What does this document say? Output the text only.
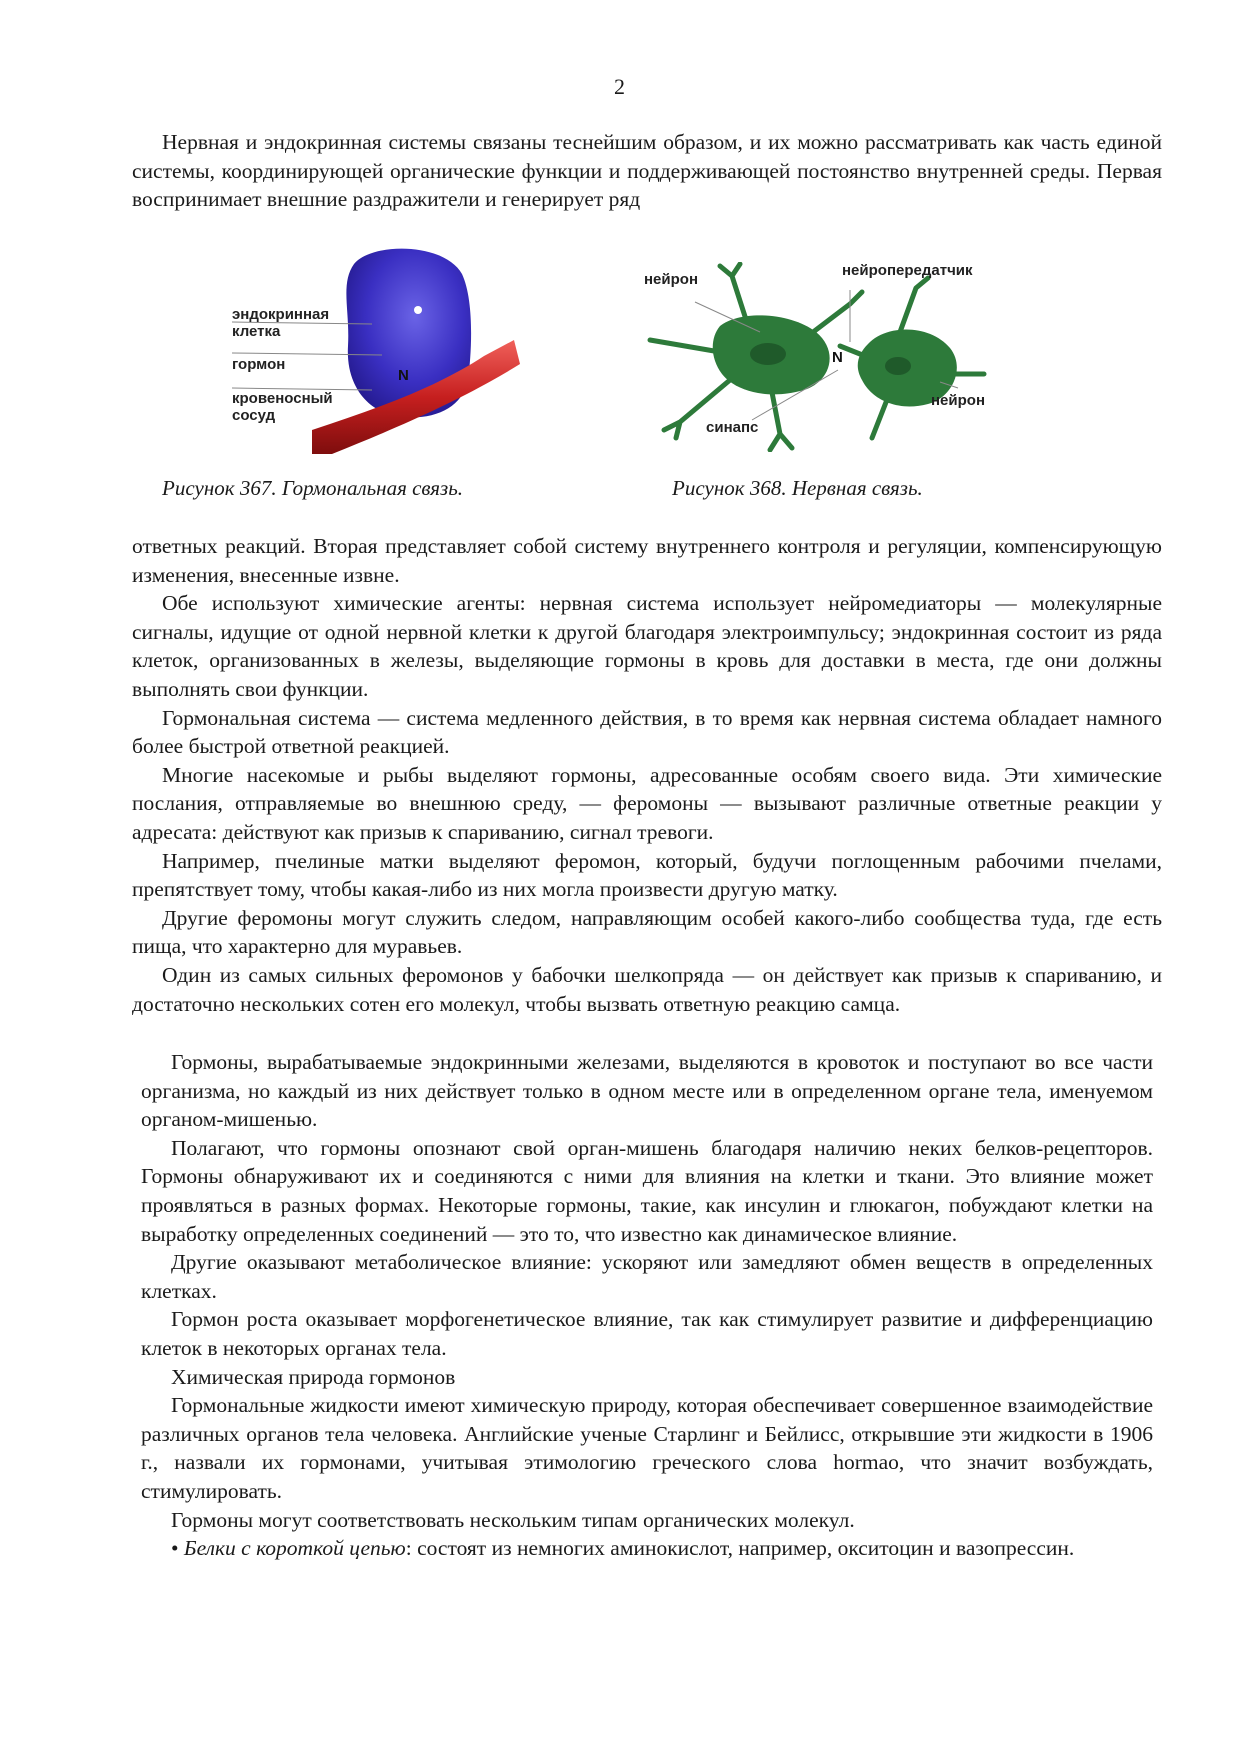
2

Нервная и эндокринная системы связаны теснейшим образом, и их можно рассматривать как часть единой системы, координирующей органические функции и поддерживающей постоянство внутренней среды. Первая воспринимает внешние раздражители и генерирует ряд

эндокринная
клетка
гормон
кровеносный
сосуд
N
нейрон
нейропередатчик
синапс
нейрон
N
Рисунок 367. Гормональная связь.	Рисунок 368. Нервная связь.

ответных реакций. Вторая представляет собой систему внутреннего контроля и регуляции, компенсирующую изменения, внесенные извне.

Обе используют химические агенты: нервная система использует нейромедиаторы — молекулярные сигналы, идущие от одной нервной клетки к другой благодаря электроимпульсу; эндокринная состоит из ряда клеток, организованных в железы, выделяющие гормоны в кровь для доставки в места, где они должны выполнять свои функции.

Гормональная система — система медленного действия, в то время как нервная система обладает намного более быстрой ответной реакцией.

Многие насекомые и рыбы выделяют гормоны, адресованные особям своего вида. Эти химические послания, отправляемые во внешнюю среду, — феромоны — вызывают различные ответные реакции у адресата: действуют как призыв к спариванию, сигнал тревоги.

Например, пчелиные матки выделяют феромон, который, будучи поглощенным рабочими пчелами, препятствует тому, чтобы какая-либо из них могла произвести другую матку.

Другие феромоны могут служить следом, направляющим особей какого-либо сообщества туда, где есть пища, что характерно для муравьев.

Один из самых сильных феромонов у бабочки шелкопряда — он действует как призыв к спариванию, и достаточно нескольких сотен его молекул, чтобы вызвать ответную реакцию самца.

Гормоны, вырабатываемые эндокринными железами, выделяются в кровоток и поступают во все части организма, но каждый из них действует только в одном месте или в определенном органе тела, именуемом органом-мишенью.

Полагают, что гормоны опознают свой орган-мишень благодаря наличию неких белков-рецепторов. Гормоны обнаруживают их и соединяются с ними для влияния на клетки и ткани. Это влияние может проявляться в разных формах. Некоторые гормоны, такие, как инсулин и глюкагон, побуждают клетки на выработку определенных соединений — это то, что известно как динамическое влияние.

Другие оказывают метаболическое влияние: ускоряют или замедляют обмен веществ в определенных клетках.

Гормон роста оказывает морфогенетическое влияние, так как стимулирует развитие и дифференциацию клеток в некоторых органах тела.

Химическая природа гормонов

Гормональные жидкости имеют химическую природу, которая обеспечивает совершенное взаимодействие различных органов тела человека. Английские ученые Старлинг и Бейлисс, открывшие эти жидкости в 1906 г., назвали их гормонами, учитывая этимологию греческого слова hormao, что значит возбуждать, стимулировать.

Гормоны могут соответствовать нескольким типам органических молекул.

• Белки с короткой цепью: состоят из немногих аминокислот, например, окситоцин и вазопрессин.
